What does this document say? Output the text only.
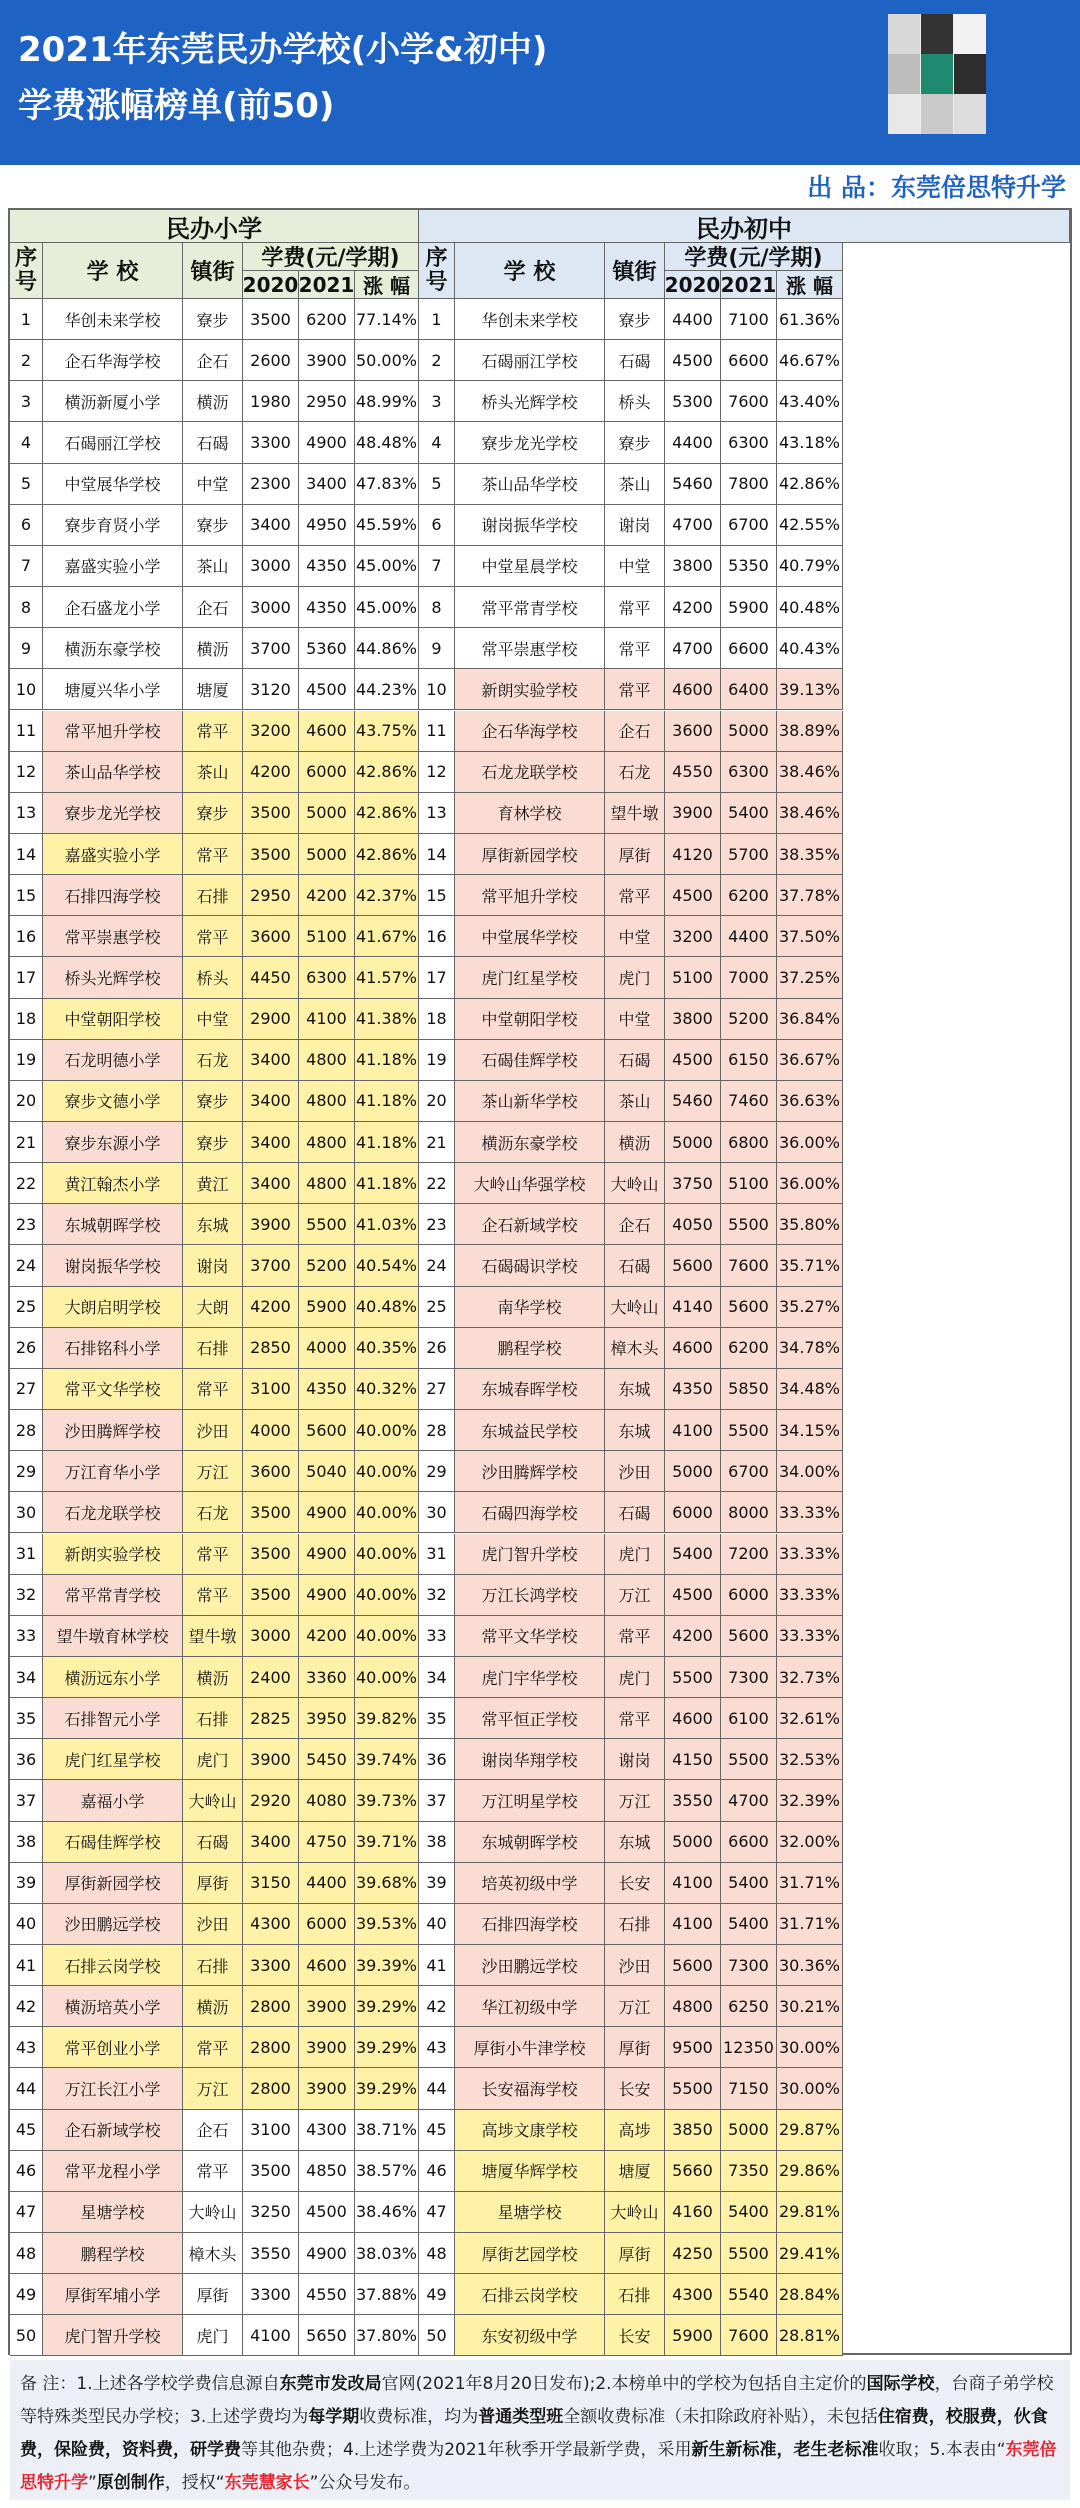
2021年东莞民办学校(小学&初中)
学费涨幅榜单(前50)
出 品：东莞倍思特升学
民办小学	民办初中
序号	学 校	镇街
学费(元/学期)
2020 2021 涨 幅
序号	学 校	镇街
学费(元/学期)
2020 2021 涨 幅
1	华创未来学校	寮步	3500 6200 77.14% 1	华创未来学校	寮步	4400 7100 61.36%
2	企石华海学校	企石	2600 3900 50.00% 2	石碣丽江学校	石碣	4500 6600 46.67%
3	横沥新厦小学	横沥	1980 2950 48.99% 3	桥头光辉学校	桥头	5300 7600 43.40%
4	石碣丽江学校	石碣	3300 4900 48.48% 4	寮步龙光学校	寮步	4400 6300 43.18%
5	中堂展华学校	中堂	2300 3400 47.83% 5	茶山品华学校	茶山	5460 7800 42.86%
6	寮步育贤小学	寮步	3400 4950 45.59% 6	谢岗振华学校	谢岗	4700 6700 42.55%
7	嘉盛实验小学	茶山	3000 4350 45.00% 7	中堂星晨学校	中堂	3800 5350 40.79%
8	企石盛龙小学	企石	3000 4350 45.00% 8	常平常青学校	常平	4200 5900 40.48%
9	横沥东豪学校	横沥	3700 5360 44.86% 9	常平崇惠学校	常平	4700 6600 40.43%
10	塘厦兴华小学	塘厦	3120 4500 44.23% 10	新朗实验学校	常平	4600 6400 39.13%
11	常平旭升学校	常平	3200 4600 43.75% 11	企石华海学校	企石	3600 5000 38.89%
12	茶山品华学校	茶山	4200 6000 42.86% 12	石龙龙联学校	石龙	4550 6300 38.46%
13	寮步龙光学校	寮步	3500 5000 42.86% 13	育林学校	望牛墩 3900 5400 38.46%
14	嘉盛实验小学	常平	3500 5000 42.86% 14	厚街新园学校	厚街	4120 5700 38.35%
15	石排四海学校	石排	2950 4200 42.37% 15	常平旭升学校	常平	4500 6200 37.78%
16	常平崇惠学校	常平	3600 5100 41.67% 16	中堂展华学校	中堂	3200 4400 37.50%
17	桥头光辉学校	桥头	4450 6300 41.57% 17	虎门红星学校	虎门	5100 7000 37.25%
18	中堂朝阳学校	中堂	2900 4100 41.38% 18	中堂朝阳学校	中堂	3800 5200 36.84%
19	石龙明德小学	石龙	3400 4800 41.18% 19	石碣佳辉学校	石碣	4500 6150 36.67%
20	寮步文德小学	寮步	3400 4800 41.18% 20	茶山新华学校	茶山	5460 7460 36.63%
21	寮步东源小学	寮步	3400 4800 41.18% 21	横沥东豪学校	横沥	5000 6800 36.00%
22	黄江翰杰小学	黄江	3400 4800 41.18% 22	大岭山华强学校	大岭山 3750 5100 36.00%
23	东城朝晖学校	东城	3900 5500 41.03% 23	企石新域学校	企石	4050 5500 35.80%
24	谢岗振华学校	谢岗	3700 5200 40.54% 24	石碣碣识学校	石碣	5600 7600 35.71%
25	大朗启明学校	大朗	4200 5900 40.48% 25	南华学校	大岭山 4140 5600 35.27%
26	石排铭科小学	石排	2850 4000 40.35% 26	鹏程学校	樟木头 4600 6200 34.78%
27	常平文华学校	常平	3100 4350 40.32% 27	东城春晖学校	东城	4350 5850 34.48%
28	沙田腾辉学校	沙田	4000 5600 40.00% 28	东城益民学校	东城	4100 5500 34.15%
29	万江育华小学	万江	3600 5040 40.00% 29	沙田腾辉学校	沙田	5000 6700 34.00%
30	石龙龙联学校	石龙	3500 4900 40.00% 30	石碣四海学校	石碣	6000 8000 33.33%
31	新朗实验学校	常平	3500 4900 40.00% 31	虎门智升学校	虎门	5400 7200 33.33%
32	常平常青学校	常平	3500 4900 40.00% 32	万江长鸿学校	万江	4500 6000 33.33%
33	望牛墩育林学校	望牛墩 3000 4200 40.00% 33	常平文华学校	常平	4200 5600 33.33%
34	横沥远东小学	横沥	2400 3360 40.00% 34	虎门宇华学校	虎门	5500 7300 32.73%
35	石排智元小学	石排	2825 3950 39.82% 35	常平恒正学校	常平	4600 6100 32.61%
36	虎门红星学校	虎门	3900 5450 39.74% 36	谢岗华翔学校	谢岗	4150 5500 32.53%
37	嘉福小学	大岭山 2920 4080 39.73% 37	万江明星学校	万江	3550 4700 32.39%
38	石碣佳辉学校	石碣	3400 4750 39.71% 38	东城朝晖学校	东城	5000 6600 32.00%
39	厚街新园学校	厚街	3150 4400 39.68% 39	培英初级中学	长安	4100 5400 31.71%
40	沙田鹏远学校	沙田	4300 6000 39.53% 40	石排四海学校	石排	4100 5400 31.71%
41	石排云岗学校	石排	3300 4600 39.39% 41	沙田鹏远学校	沙田	5600 7300 30.36%
42	横沥培英小学	横沥	2800 3900 39.29% 42	华江初级中学	万江	4800 6250 30.21%
43	常平创业小学	常平	2800 3900 39.29% 43	厚街小牛津学校	厚街	9500 12350 30.00%
44	万江长江小学	万江	2800 3900 39.29% 44	长安福海学校	长安	5500 7150 30.00%
45	企石新域学校	企石	3100 4300 38.71% 45	高埗文康学校	高埗	3850 5000 29.87%
46	常平龙程小学	常平	3500 4850 38.57% 46	塘厦华辉学校	塘厦	5660 7350 29.86%
47	星塘学校	大岭山 3250 4500 38.46% 47	星塘学校	大岭山 4160 5400 29.81%
48	鹏程学校	樟木头 3550 4900 38.03% 48	厚街艺园学校	厚街	4250 5500 29.41%
49	厚街军埔小学	厚街	3300 4550 37.88% 49	石排云岗学校	石排	4300 5540 28.84%
50	虎门智升学校	虎门	4100 5650 37.80% 50	东安初级中学	长安	5900 7600 28.81%
备 注：1.上述各学校学费信息源自东莞市发改局官网(2021年8月20日发布);2.本榜单中的学校为包括自主定价的国际学校，台商子弟学校等特殊类型民办学校；3.上述学费均为每学期收费标准，均为普通类型班全额收费标准（未扣除政府补贴），未包括住宿费，校服费，伙食费，保险费，资料费，研学费等其他杂费；4.上述学费为2021年秋季开学最新学费，采用新生新标准，老生老标准收取；5.本表由“东莞倍思特升学”原创制作，授权“东莞慧家长”公众号发布。
